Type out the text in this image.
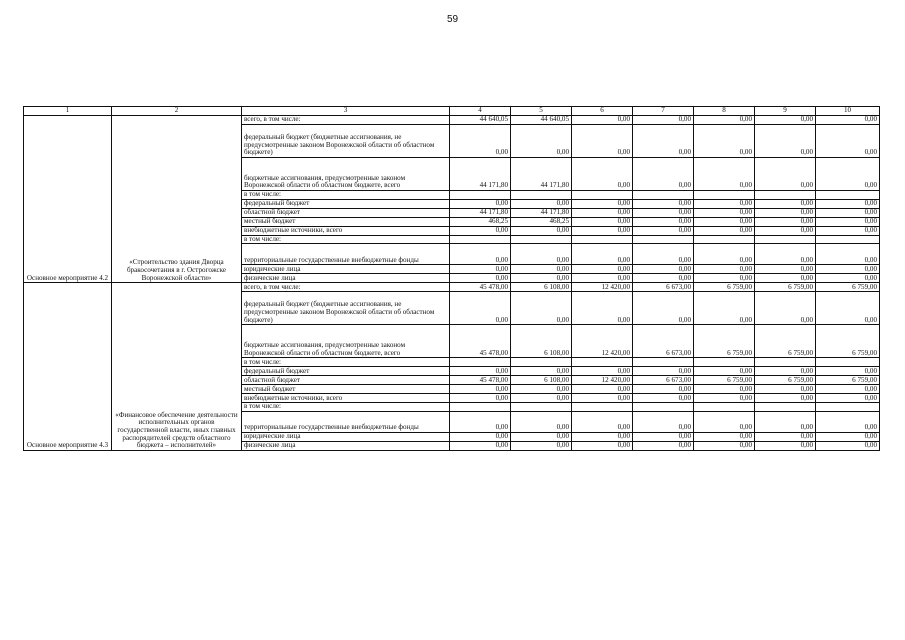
59
1	2	3	4	5	6	7	8	9	10
Основное мероприятие 4.2	«Строительство здания Дворца бракосочетания в г. Острогожске Воронежской области»	всего, в том числе:	44 640,05	44 640,05	0,00	0,00	0,00	0,00	0,00
		федеральный бюджет (бюджетные ассигнования, не предусмотренные законом Воронежской области об областном бюджете)	0,00	0,00	0,00	0,00	0,00	0,00	0,00
		бюджетные ассигнования, предусмотренные законом Воронежской области об областном бюджете, всего	44 171,80	44 171,80	0,00	0,00	0,00	0,00	0,00
		в том числе:							
		федеральный бюджет	0,00	0,00	0,00	0,00	0,00	0,00	0,00
		областной бюджет	44 171,80	44 171,80	0,00	0,00	0,00	0,00	0,00
		местный бюджет	468,25	468,25	0,00	0,00	0,00	0,00	0,00
		внебюджетные источники, всего	0,00	0,00	0,00	0,00	0,00	0,00	0,00
		в том числе:							
		территориальные государственные внебюджетные фонды	0,00	0,00	0,00	0,00	0,00	0,00	0,00
		юридические лица	0,00	0,00	0,00	0,00	0,00	0,00	0,00
		физические лица	0,00	0,00	0,00	0,00	0,00	0,00	0,00
Основное мероприятие 4.3	«Финансовое обеспечение деятельности исполнительных органов государственной власти, иных главных распорядителей средств областного бюджета – исполнителей»	всего, в том числе:	45 478,00	6 108,00	12 420,00	6 673,00	6 759,00	6 759,00	6 759,00
		федеральный бюджет (бюджетные ассигнования, не предусмотренные законом Воронежской области об областном бюджете)	0,00	0,00	0,00	0,00	0,00	0,00	0,00
		бюджетные ассигнования, предусмотренные законом Воронежской области об областном бюджете, всего	45 478,00	6 108,00	12 420,00	6 673,00	6 759,00	6 759,00	6 759,00
		в том числе:							
		федеральный бюджет	0,00	0,00	0,00	0,00	0,00	0,00	0,00
		областной бюджет	45 478,00	6 108,00	12 420,00	6 673,00	6 759,00	6 759,00	6 759,00
		местный бюджет	0,00	0,00	0,00	0,00	0,00	0,00	0,00
		внебюджетные источники, всего	0,00	0,00	0,00	0,00	0,00	0,00	0,00
		в том числе:							
		территориальные государственные внебюджетные фонды	0,00	0,00	0,00	0,00	0,00	0,00	0,00
		юридические лица	0,00	0,00	0,00	0,00	0,00	0,00	0,00
		физические лица	0,00	0,00	0,00	0,00	0,00	0,00	0,00
